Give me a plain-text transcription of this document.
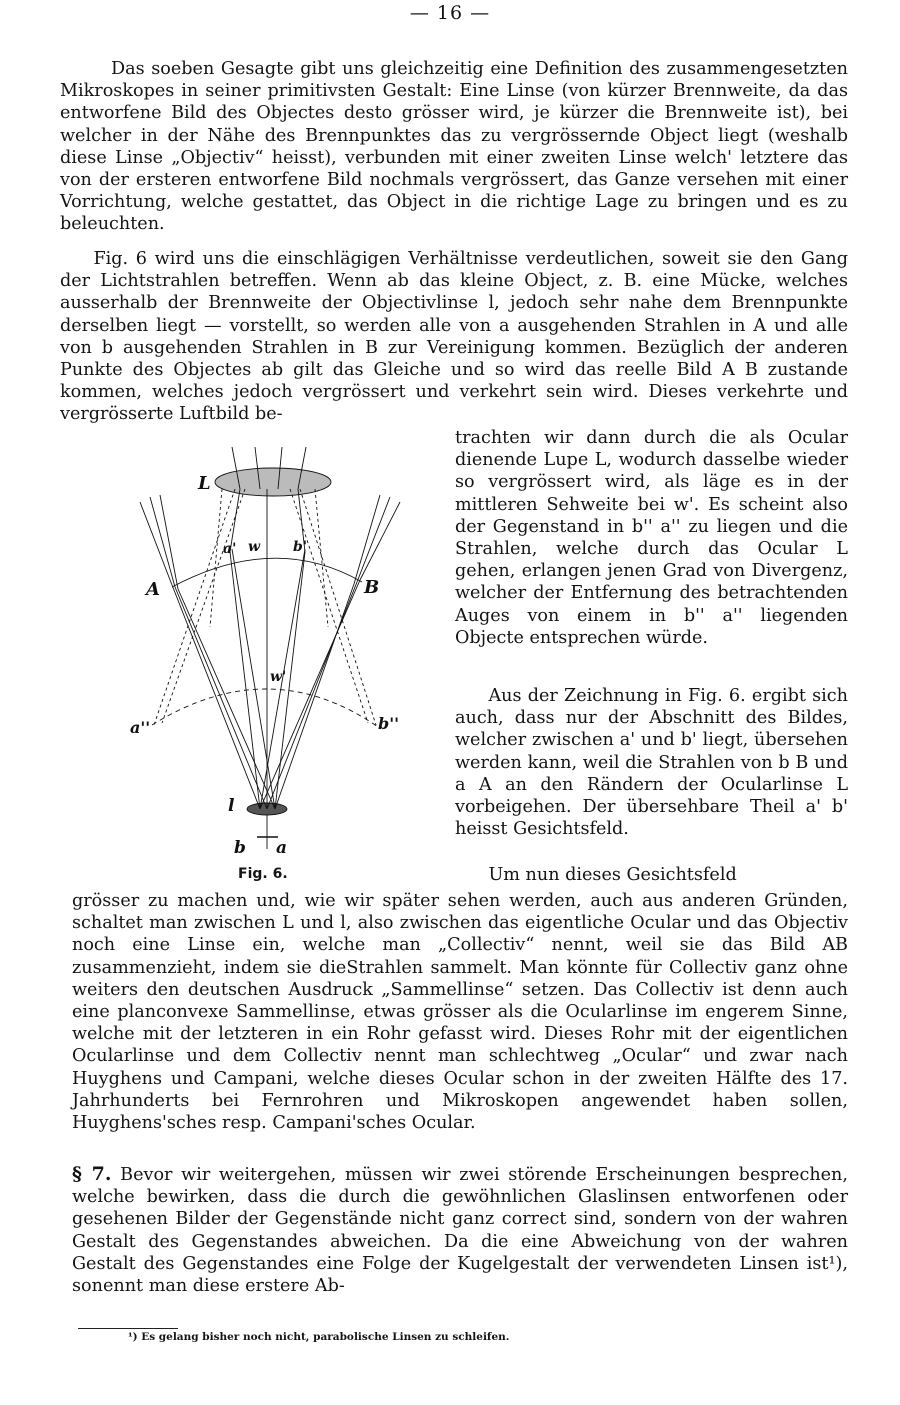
— 16 —

Das soeben Gesagte gibt uns gleichzeitig eine Definition des zusammengesetzten Mikroskopes in seiner primitivsten Gestalt: Eine Linse (von kürzer Brennweite, da das entworfene Bild des Objectes desto grösser wird, je kürzer die Brennweite ist), bei welcher in der Nähe des Brennpunktes das zu vergrössernde Object liegt (weshalb diese Linse „Objectiv“ heisst), verbunden mit einer zweiten Linse welch' letztere das von der ersteren entworfene Bild nochmals vergrössert, das Ganze versehen mit einer Vorrichtung, welche gestattet, das Object in die richtige Lage zu bringen und es zu beleuchten.

Fig. 6 wird uns die einschlägigen Verhältnisse verdeutlichen, soweit sie den Gang der Lichtstrahlen betreffen. Wenn ab das kleine Object, z. B. eine Mücke, welches ausserhalb der Brennweite der Objectivlinse l, jedoch sehr nahe dem Brennpunkte derselben liegt — vorstellt, so werden alle von a ausgehenden Strahlen in A und alle von b ausgehenden Strahlen in B zur Vereinigung kommen. Bezüglich der anderen Punkte des Objectes ab gilt das Gleiche und so wird das reelle Bild A B zustande kommen, welches jedoch vergrössert und verkehrt sein wird. Dieses verkehrte und vergrösserte Luftbild be-

trachten wir dann durch die als Ocular dienende Lupe L, wodurch dasselbe wieder so vergrössert wird, als läge es in der mittleren Sehweite bei w'. Es scheint also der Gegenstand in b'' a'' zu liegen und die Strahlen, welche durch das Ocular L gehen, erlangen jenen Grad von Divergenz, welcher der Entfernung des betrachtenden Auges von einem in b'' a'' liegenden Objecte entsprechen würde.

Aus der Zeichnung in Fig. 6. ergibt sich auch, dass nur der Abschnitt des Bildes, welcher zwischen a' und b' liegt, übersehen werden kann, weil die Strahlen von b B und a A an den Rändern der Ocularlinse L vorbeigehen. Der übersehbare Theil a' b' heisst Gesichtsfeld.

Um nun dieses Gesichtsfeld

grösser zu machen und, wie wir später sehen werden, auch aus anderen Gründen, schaltet man zwischen L und l, also zwischen das eigentliche Ocular und das Objectiv noch eine Linse ein, welche man „Collectiv“ nennt, weil sie das Bild AB zusammenzieht, indem sie dieStrahlen sammelt. Man könnte für Collectiv ganz ohne weiters den deutschen Ausdruck „Sammellinse“ setzen. Das Collectiv ist denn auch eine planconvexe Sammellinse, etwas grösser als die Ocularlinse im engerem Sinne, welche mit der letzteren in ein Rohr gefasst wird. Dieses Rohr mit der eigentlichen Ocularlinse und dem Collectiv nennt man schlechtweg „Ocular“ und zwar nach Huyghens und Campani, welche dieses Ocular schon in der zweiten Hälfte des 17. Jahrhunderts bei Fernrohren und Mikroskopen angewendet haben sollen, Huyghens'sches resp. Campani'sches Ocular.

§ 7. Bevor wir weitergehen, müssen wir zwei störende Erscheinungen besprechen, welche bewirken, dass die durch die gewöhnlichen Glaslinsen entworfenen oder gesehenen Bilder der Gegenstände nicht ganz correct sind, sondern von der wahren Gestalt des Gegenstandes abweichen. Da die eine Abweichung von der wahren Gestalt des Gegenstandes eine Folge der Kugelgestalt der verwendeten Linsen ist¹), sonennt man diese erstere Ab-

L
A	B
a' w b'
w'
a''	b''
l
b a
Fig. 6.
¹) Es gelang bisher noch nicht, parabolische Linsen zu schleifen.
